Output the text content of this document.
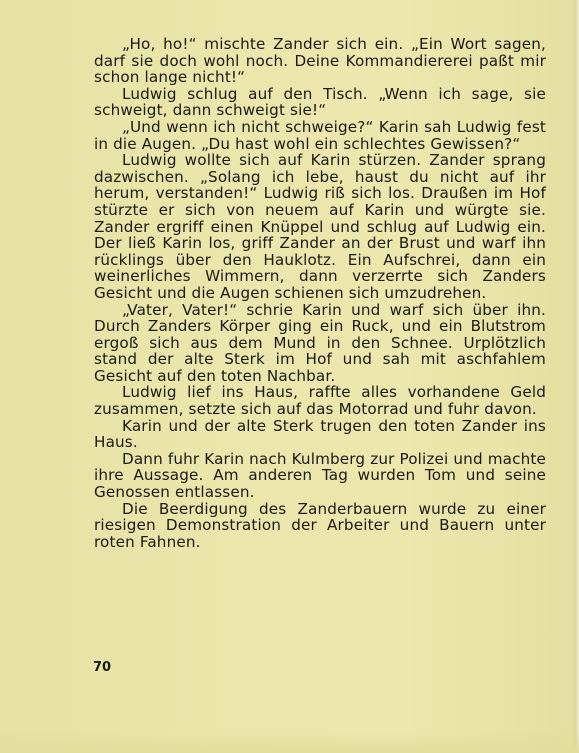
„Ho, ho!“ mischte Zander sich ein. „Ein Wort sagen, darf sie doch wohl noch. Deine Kommandiererei paßt mir schon lange nicht!“

Ludwig schlug auf den Tisch. „Wenn ich sage, sie schweigt, dann schweigt sie!“

„Und wenn ich nicht schweige?“ Karin sah Ludwig fest in die Augen. „Du hast wohl ein schlechtes Gewissen?“

Ludwig wollte sich auf Karin stürzen. Zander sprang dazwischen. „Solang ich lebe, haust du nicht auf ihr herum, verstanden!“ Ludwig riß sich los. Draußen im Hof stürzte er sich von neuem auf Karin und würgte sie. Zander ergriff einen Knüppel und schlug auf Ludwig ein. Der ließ Karin los, griff Zander an der Brust und warf ihn rücklings über den Hauklotz. Ein Aufschrei, dann ein weinerliches Wimmern, dann verzerrte sich Zanders Gesicht und die Augen schienen sich umzudrehen.

„Vater, Vater!“ schrie Karin und warf sich über ihn. Durch Zanders Körper ging ein Ruck, und ein Blutstrom ergoß sich aus dem Mund in den Schnee. Urplötzlich stand der alte Sterk im Hof und sah mit aschfahlem Gesicht auf den toten Nachbar.

Ludwig lief ins Haus, raffte alles vorhandene Geld zusammen, setzte sich auf das Motorrad und fuhr davon.

Karin und der alte Sterk trugen den toten Zander ins Haus.

Dann fuhr Karin nach Kulmberg zur Polizei und machte ihre Aussage. Am anderen Tag wurden Tom und seine Genossen entlassen.

Die Beerdigung des Zanderbauern wurde zu einer riesigen Demonstration der Arbeiter und Bauern unter roten Fahnen.

70
